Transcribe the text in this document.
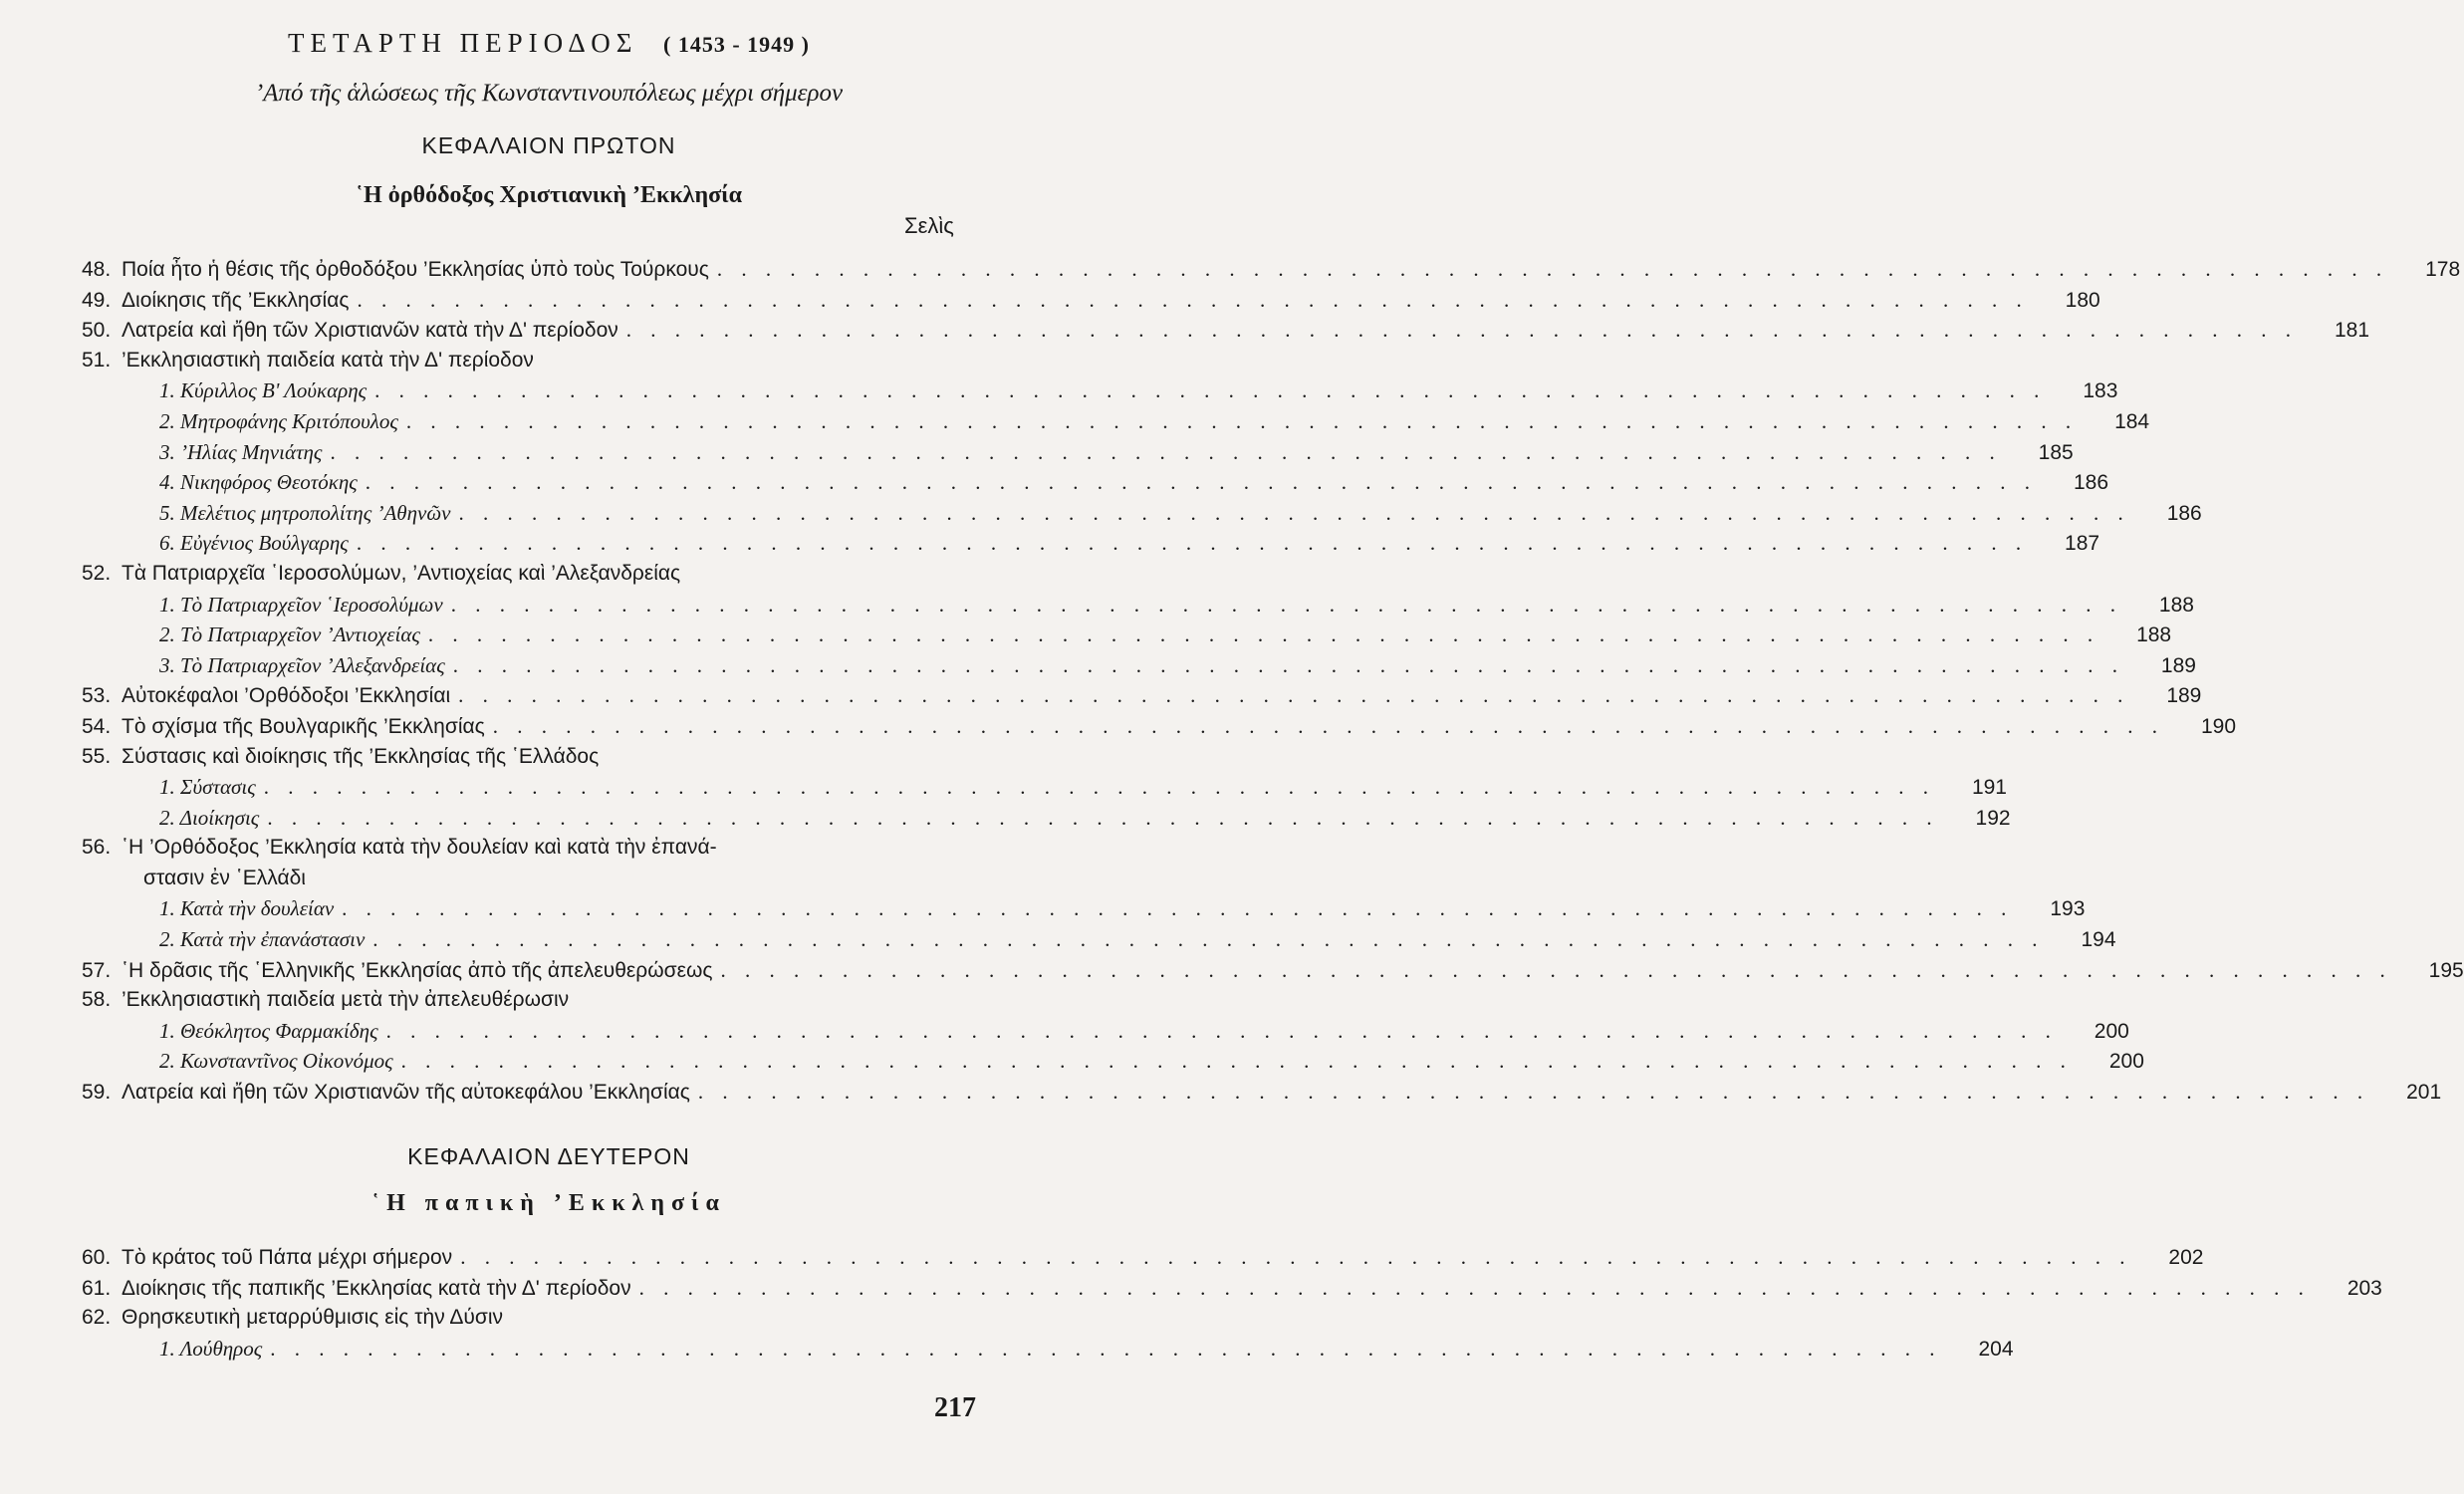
ΤΕΤΑΡΤΗ ΠΕΡΙΟΔΟΣ ( 1453 - 1949 )
’Από τῆς ἁλώσεως τῆς Κωνσταντινουπόλεως μέχρι σήμερον
ΚΕΦΑΛΑΙΟΝ ΠΡΩΤΟΝ
῾Η ὀρθόδοξος Χριστιανικὴ ’Εκκλησία
Σελὶς
48. Ποία ἦτο ἡ θέσις τῆς ὀρθοδόξου ’Εκκλησίας ὑπὸ τοὺς Τούρκους . . .	178
49. Διοίκησις τῆς ’Εκκλησίας . . .	180
50. Λατρεία καὶ ἤθη τῶν Χριστιανῶν κατὰ τὴν Δ' περίοδον . . .	181
51. ’Εκκλησιαστικὴ παιδεία κατὰ τὴν Δ' περίοδον
1. Κύριλλος Β' Λούκαρης . . .	183
2. Μητροφάνης Κριτόπουλος . . .	184
3. ’Ηλίας Μηνιάτης . . .	185
4. Νικηφόρος Θεοτόκης . . .	186
5. Μελέτιος μητροπολίτης ’Αθηνῶν . . .	186
6. Εὐγένιος Βούλγαρης . . .	187
52. Τὰ Πατριαρχεῖα ῾Ιεροσολύμων, ’Αντιοχείας καὶ ’Αλεξανδρείας
1. Τὸ Πατριαρχεῖον ῾Ιεροσολύμων . . .	188
2. Τὸ Πατριαρχεῖον ’Αντιοχείας . . .	188
3. Τὸ Πατριαρχεῖον ’Αλεξανδρείας . . .	189
53. Αὐτοκέφαλοι ’Ορθόδοξοι ’Εκκλησίαι . . .	189
54. Τὸ σχίσμα τῆς Βουλγαρικῆς ’Εκκλησίας . . .	190
55. Σύστασις καὶ διοίκησις τῆς ’Εκκλησίας τῆς ῾Ελλάδος
1. Σύστασις . . .	191
2. Διοίκησις . . .	192
56. ῾Η ’Ορθόδοξος ’Εκκλησία κατὰ τὴν δουλείαν καὶ κατὰ τὴν ἐπανά-
στασιν ἐν ῾Ελλάδι
1. Κατὰ τὴν δουλείαν . . .	193
2. Κατὰ τὴν ἐπανάστασιν . . .	194
57. ῾Η δρᾶσις τῆς ῾Ελληνικῆς ’Εκκλησίας ἀπὸ τῆς ἀπελευθερώσεως . . .	195
58. ’Εκκλησιαστικὴ παιδεία μετὰ τὴν ἀπελευθέρωσιν
1. Θεόκλητος Φαρμακίδης . . .	200
2. Κωνσταντῖνος Οἰκονόμος . . .	200
59. Λατρεία καὶ ἤθη τῶν Χριστιανῶν τῆς αὐτοκεφάλου ’Εκκλησίας . . .	201
ΚΕΦΑΛΑΙΟΝ ΔΕΥΤΕΡΟΝ
῾Η παπικὴ ’Εκκλησία
60. Τὸ κράτος τοῦ Πάπα μέχρι σήμερον . . .	202
61. Διοίκησις τῆς παπικῆς ’Εκκλησίας κατὰ τὴν Δ' περίοδον . . .	203
62. Θρησκευτικὴ μεταρρύθμισις εἰς τὴν Δύσιν
1. Λούθηρος . . .	204
217
